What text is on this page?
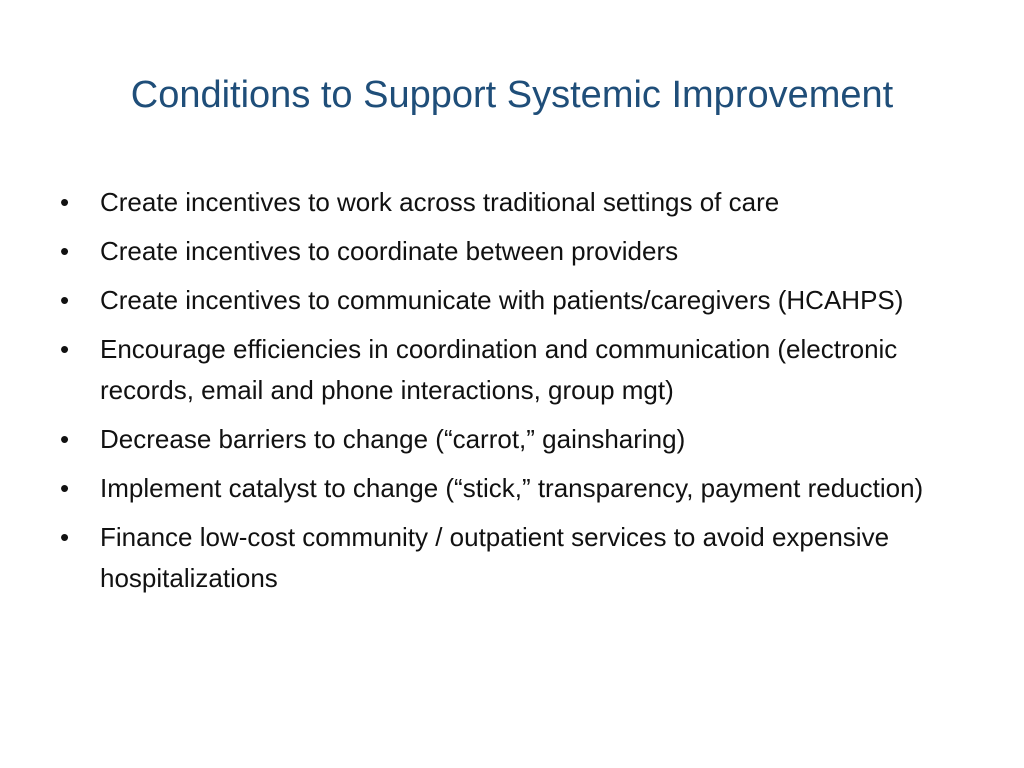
Conditions to Support Systemic Improvement
•	Create incentives to work across traditional settings of care
•	Create incentives to coordinate between providers
•	Create incentives to communicate with patients/caregivers (HCAHPS)
•	Encourage efficiencies in coordination and communication (electronic records, email and phone interactions, group mgt)
•	Decrease barriers to change (“carrot,” gainsharing)
•	Implement catalyst to change (“stick,” transparency, payment reduction)
•	Finance low-cost community / outpatient services to avoid expensive hospitalizations
